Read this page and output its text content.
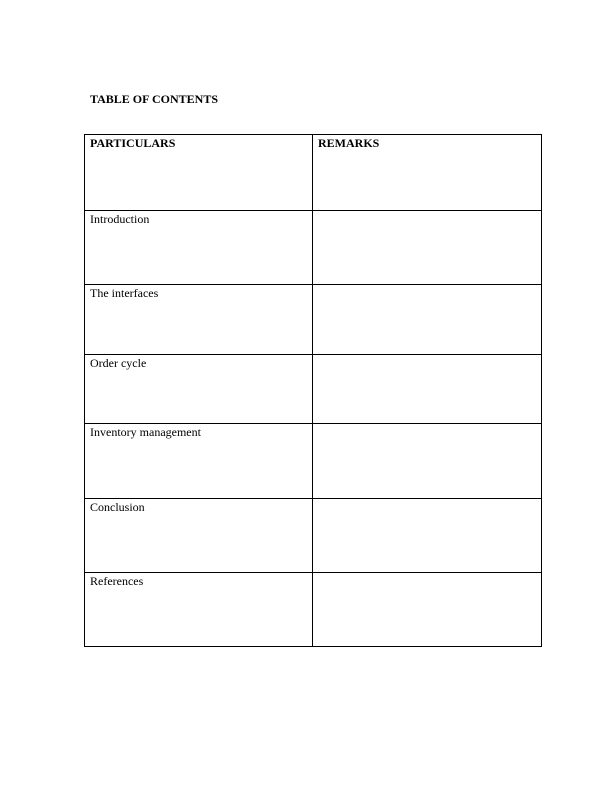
TABLE OF CONTENTS
PARTICULARS	REMARKS
Introduction	
The interfaces	
Order cycle	
Inventory management	
Conclusion	
References	
